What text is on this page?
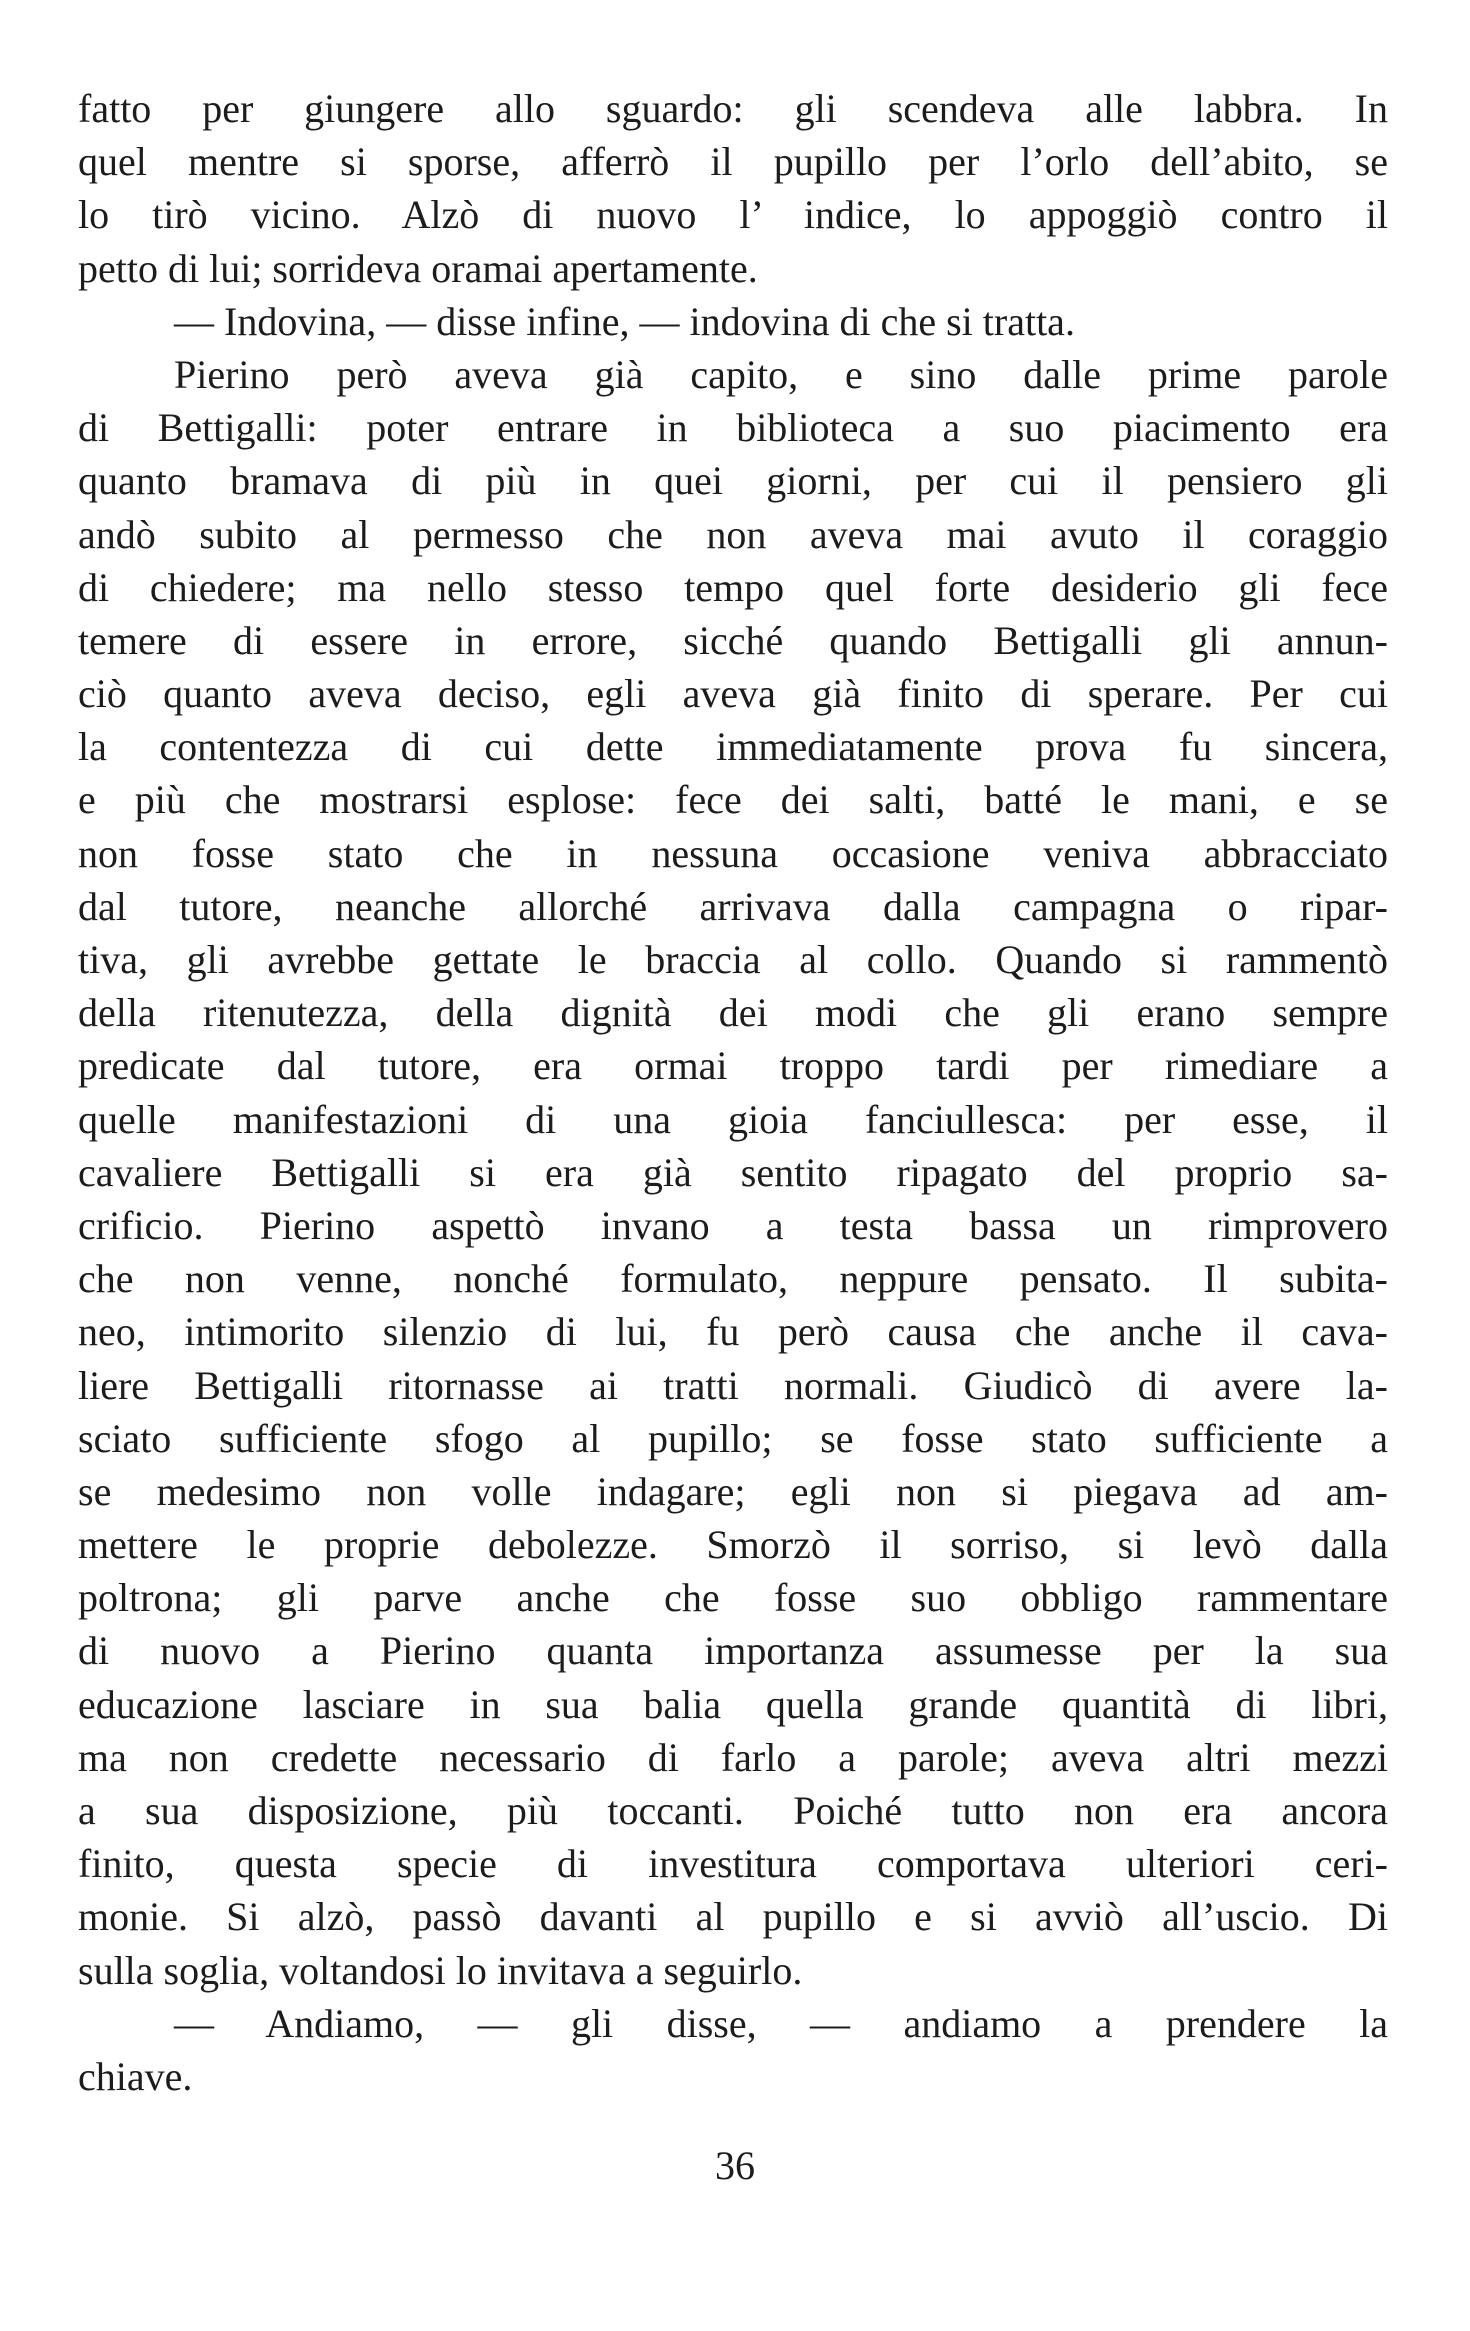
fatto per giungere allo sguardo: gli scendeva alle labbra. In
quel mentre si sporse, afferrò il pupillo per l’orlo dell’abito, se
lo tirò vicino. Alzò di nuovo l’ indice, lo appoggiò contro il
petto di lui; sorrideva oramai apertamente.
— Indovina, — disse infine, — indovina di che si tratta.
Pierino però aveva già capito, e sino dalle prime parole
di Bettigalli: poter entrare in biblioteca a suo piacimento era
quanto bramava di più in quei giorni, per cui il pensiero gli
andò subito al permesso che non aveva mai avuto il coraggio
di chiedere; ma nello stesso tempo quel forte desiderio gli fece
temere di essere in errore, sicché quando Bettigalli gli annun-
ciò quanto aveva deciso, egli aveva già finito di sperare. Per cui
la contentezza di cui dette immediatamente prova fu sincera,
e più che mostrarsi esplose: fece dei salti, batté le mani, e se
non fosse stato che in nessuna occasione veniva abbracciato
dal tutore, neanche allorché arrivava dalla campagna o ripar-
tiva, gli avrebbe gettate le braccia al collo. Quando si rammentò
della ritenutezza, della dignità dei modi che gli erano sempre
predicate dal tutore, era ormai troppo tardi per rimediare a
quelle manifestazioni di una gioia fanciullesca: per esse, il
cavaliere Bettigalli si era già sentito ripagato del proprio sa-
crificio. Pierino aspettò invano a testa bassa un rimprovero
che non venne, nonché formulato, neppure pensato. Il subita-
neo, intimorito silenzio di lui, fu però causa che anche il cava-
liere Bettigalli ritornasse ai tratti normali. Giudicò di avere la-
sciato sufficiente sfogo al pupillo; se fosse stato sufficiente a
se medesimo non volle indagare; egli non si piegava ad am-
mettere le proprie debolezze. Smorzò il sorriso, si levò dalla
poltrona; gli parve anche che fosse suo obbligo rammentare
di nuovo a Pierino quanta importanza assumesse per la sua
educazione lasciare in sua balia quella grande quantità di libri,
ma non credette necessario di farlo a parole; aveva altri mezzi
a sua disposizione, più toccanti. Poiché tutto non era ancora
finito, questa specie di investitura comportava ulteriori ceri-
monie. Si alzò, passò davanti al pupillo e si avviò all’uscio. Di
sulla soglia, voltandosi lo invitava a seguirlo.
— Andiamo, — gli disse, — andiamo a prendere la
chiave.
36
